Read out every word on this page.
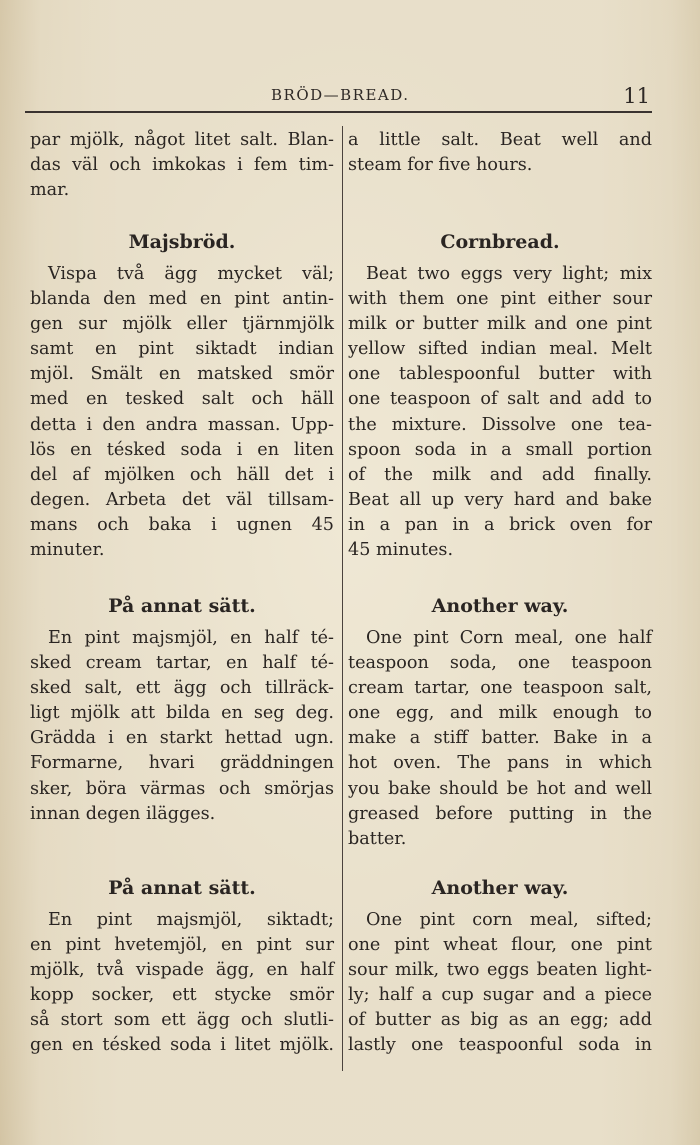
BRÖD—BREAD.	11
par mjölk, något litet salt. Blan-
das väl och imkokas i fem tim-
mar.
Majsbröd.
Vispa två ägg mycket väl;
blanda den med en pint antin-
gen sur mjölk eller tjärnmjölk
samt en pint siktadt indian
mjöl. Smält en matsked smör
med en tesked salt och häll
detta i den andra massan. Upp-
lös en tésked soda i en liten
del af mjölken och häll det i
degen. Arbeta det väl tillsam-
mans och baka i ugnen 45
minuter.
På annat sätt.
En pint majsmjöl, en half té-
sked cream tartar, en half té-
sked salt, ett ägg och tillräck-
ligt mjölk att bilda en seg deg.
Grädda i en starkt hettad ugn.
Formarne, hvari gräddningen
sker, böra värmas och smörjas
innan degen ilägges.
På annat sätt.
En pint majsmjöl, siktadt;
en pint hvetemjöl, en pint sur
mjölk, två vispade ägg, en half
kopp socker, ett stycke smör
så stort som ett ägg och slutli-
gen en tésked soda i litet mjölk.
a little salt. Beat well and
steam for five hours.
Cornbread.
Beat two eggs very light; mix
with them one pint either sour
milk or butter milk and one pint
yellow sifted indian meal. Melt
one tablespoonful butter with
one teaspoon of salt and add to
the mixture. Dissolve one tea-
spoon soda in a small portion
of the milk and add finally.
Beat all up very hard and bake
in a pan in a brick oven for
45 minutes.
Another way.
One pint Corn meal, one half
teaspoon soda, one teaspoon
cream tartar, one teaspoon salt,
one egg, and milk enough to
make a stiff batter. Bake in a
hot oven. The pans in which
you bake should be hot and well
greased before putting in the
batter.
Another way.
One pint corn meal, sifted;
one pint wheat flour, one pint
sour milk, two eggs beaten light-
ly; half a cup sugar and a piece
of butter as big as an egg; add
lastly one teaspoonful soda in
